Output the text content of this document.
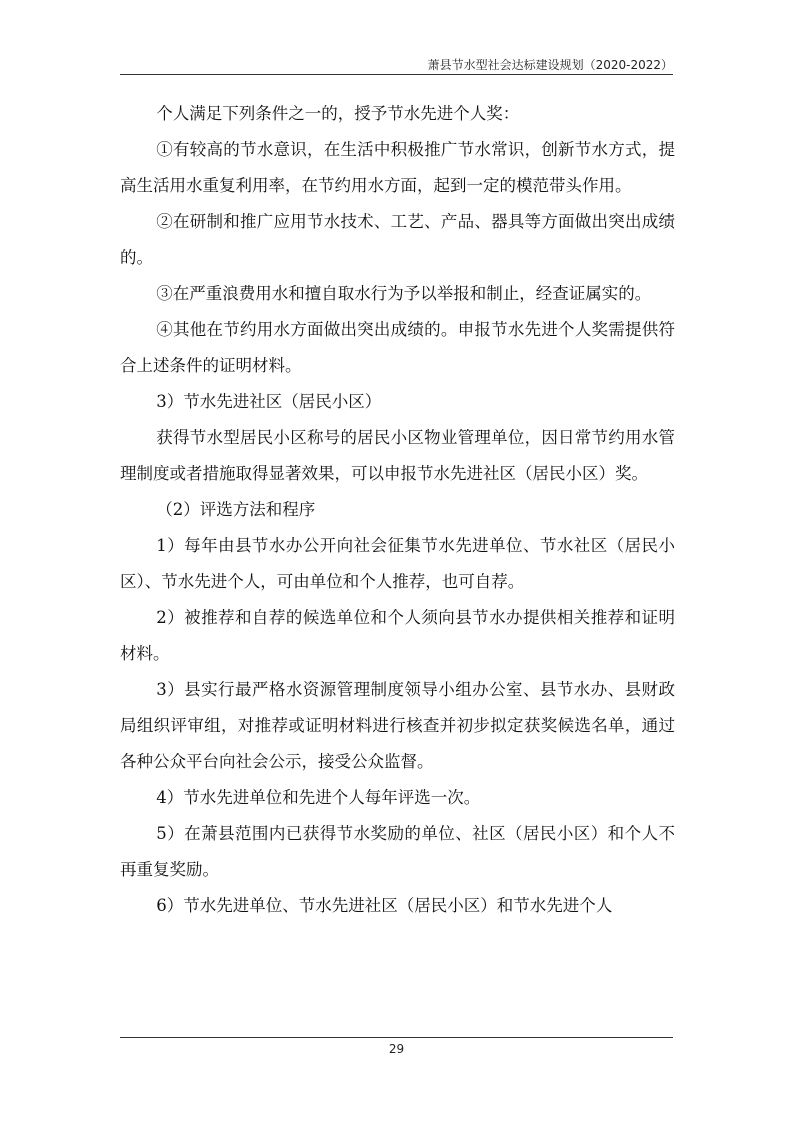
萧县节水型社会达标建设规划（2020-2022）

个人满足下列条件之一的，授予节水先进个人奖：

①有较高的节水意识，在生活中积极推广节水常识，创新节水方式，提高生活用水重复利用率，在节约用水方面，起到一定的模范带头作用。

②在研制和推广应用节水技术、工艺、产品、器具等方面做出突出成绩的。

③在严重浪费用水和擅自取水行为予以举报和制止，经查证属实的。

④其他在节约用水方面做出突出成绩的。申报节水先进个人奖需提供符合上述条件的证明材料。

3）节水先进社区（居民小区）

获得节水型居民小区称号的居民小区物业管理单位，因日常节约用水管理制度或者措施取得显著效果，可以申报节水先进社区（居民小区）奖。

（2）评选方法和程序

1）每年由县节水办公开向社会征集节水先进单位、节水社区（居民小区）、节水先进个人，可由单位和个人推荐，也可自荐。

2）被推荐和自荐的候选单位和个人须向县节水办提供相关推荐和证明材料。

3）县实行最严格水资源管理制度领导小组办公室、县节水办、县财政局组织评审组，对推荐或证明材料进行核查并初步拟定获奖候选名单，通过各种公众平台向社会公示，接受公众监督。

4）节水先进单位和先进个人每年评选一次。

5）在萧县范围内已获得节水奖励的单位、社区（居民小区）和个人不再重复奖励。

6）节水先进单位、节水先进社区（居民小区）和节水先进个人

29
